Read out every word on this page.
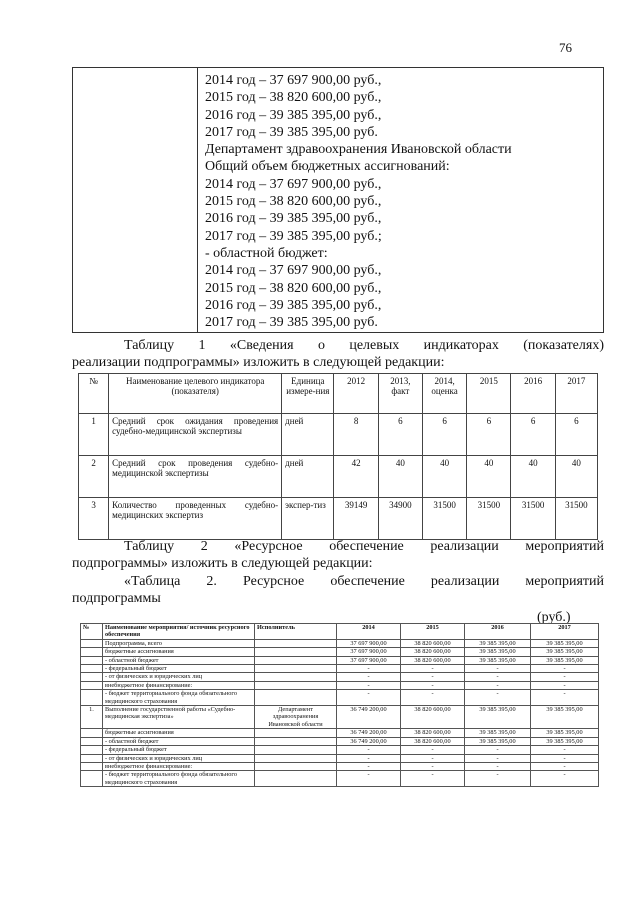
76
2014 год – 37 697 900,00 руб.,
2015 год – 38 820 600,00 руб.,
2016 год – 39 385 395,00 руб.,
2017 год – 39 385 395,00 руб.
Департамент здравоохранения Ивановской области
Общий объем бюджетных ассигнований:
2014 год – 37 697 900,00 руб.,
2015 год – 38 820 600,00 руб.,
2016 год – 39 385 395,00 руб.,
2017 год – 39 385 395,00 руб.;
- областной бюджет:
2014 год – 37 697 900,00 руб.,
2015 год – 38 820 600,00 руб.,
2016 год – 39 385 395,00 руб.,
2017 год – 39 385 395,00 руб.
Таблицу 1 «Сведения о целевых индикаторах (показателях)
реализации подпрограммы» изложить в следующей редакции:
№	Наименование целевого индикатора (показателя)	Единица измере-ния	2012	2013, факт	2014, оценка	2015	2016	2017
1	Средний срок ожидания проведения судебно-медицинской экспертизы	дней	8	6	6	6	6	6
2	Средний срок проведения судебно-медицинской экспертизы	дней	42	40	40	40	40	40
3	Количество проведенных судебно-медицинских экспертиз	экспер-тиз	39149	34900	31500	31500	31500	31500
Таблицу 2 «Ресурсное обеспечение реализации мероприятий
подпрограммы» изложить в следующей редакции:
«Таблица 2. Ресурсное обеспечение реализации мероприятий
подпрограммы
(руб.)
№	Наименование мероприятия/ источник ресурсного обеспечения	Исполнитель	2014	2015	2016	2017
	Подпрограмма, всего		37 697 900,00	38 820 600,00	39 385 395,00	39 385 395,00
	бюджетные ассигнования		37 697 900,00	38 820 600,00	39 385 395,00	39 385 395,00
	- областной бюджет		37 697 900,00	38 820 600,00	39 385 395,00	39 385 395,00
	- федеральный бюджет		-	-	-	-
	- от физических и юридических лиц		-	-	-	-
	внебюджетное финансирование:		-	-	-	-
	- бюджет территориального фонда обязательного медицинского страхования		-	-	-	-
1.	Выполнение государственной работы «Судебно-медицинская экспертиза»	Департамент здравоохранения Ивановской области	36 749 200,00	38 820 600,00	39 385 395,00	39 385 395,00
	бюджетные ассигнования		36 749 200,00	38 820 600,00	39 385 395,00	39 385 395,00
	- областной бюджет		36 749 200,00	38 820 600,00	39 385 395,00	39 385 395,00
	- федеральный бюджет		-	-	-	-
	- от физических и юридических лиц		-	-	-	-
	внебюджетное финансирование:		-	-	-	-
	- бюджет территориального фонда обязательного медицинского страхования		-	-	-	-
